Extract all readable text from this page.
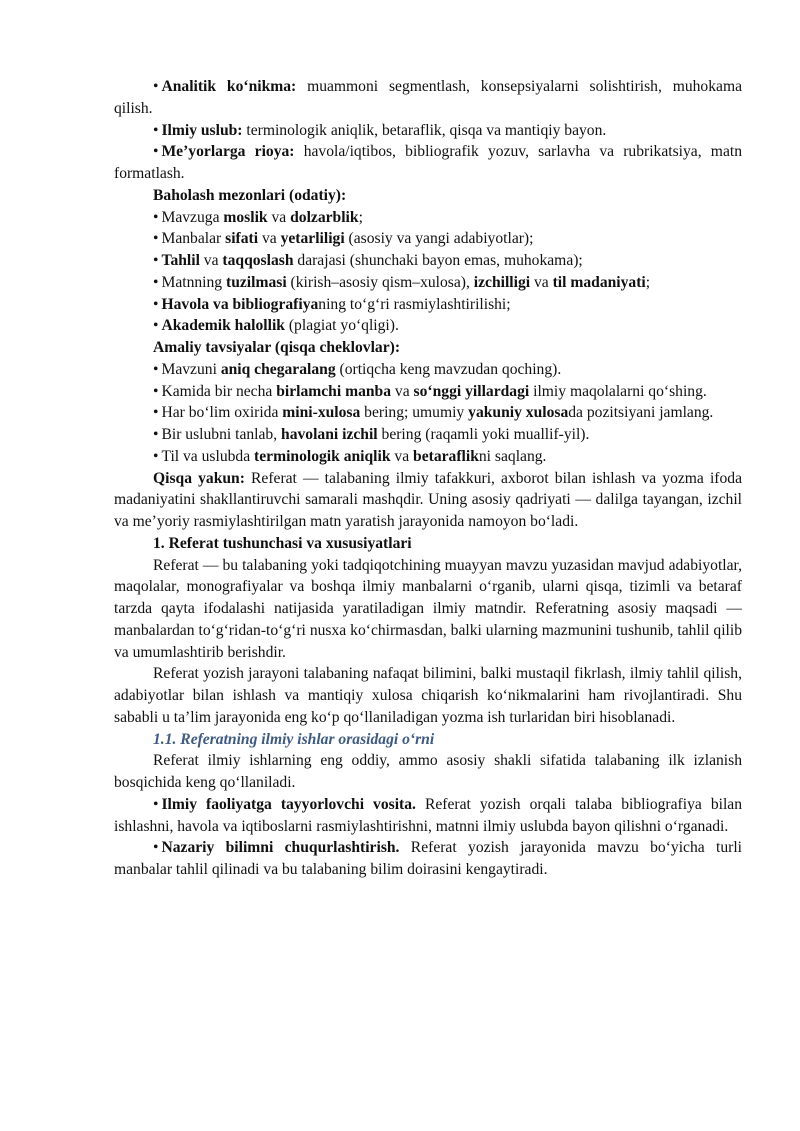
• Analitik ko‘nikma: muammoni segmentlash, konsepsiyalarni solishtirish, muhokama qilish.

• Ilmiy uslub: terminologik aniqlik, betaraflik, qisqa va mantiqiy bayon.

• Me’yorlarga rioya: havola/iqtibos, bibliografik yozuv, sarlavha va rubrikatsiya, matn formatlash.

Baholash mezonlari (odatiy):

• Mavzuga moslik va dolzarblik;

• Manbalar sifati va yetarliligi (asosiy va yangi adabiyotlar);

• Tahlil va taqqoslash darajasi (shunchaki bayon emas, muhokama);

• Matnning tuzilmasi (kirish–asosiy qism–xulosa), izchilligi va til madaniyati;

• Havola va bibliografiyaning to‘g‘ri rasmiylashtirilishi;

• Akademik halollik (plagiat yo‘qligi).

Amaliy tavsiyalar (qisqa cheklovlar):

• Mavzuni aniq chegaralang (ortiqcha keng mavzudan qoching).

• Kamida bir necha birlamchi manba va so‘nggi yillardagi ilmiy maqolalarni qo‘shing.

• Har bo‘lim oxirida mini-xulosa bering; umumiy yakuniy xulosada pozitsiyani jamlang.

• Bir uslubni tanlab, havolani izchil bering (raqamli yoki muallif-yil).

• Til va uslubda terminologik aniqlik va betaraflikni saqlang.

Qisqa yakun: Referat — talabaning ilmiy tafakkuri, axborot bilan ishlash va yozma ifoda madaniyatini shakllantiruvchi samarali mashqdir. Uning asosiy qadriyati — dalilga tayangan, izchil va me’yoriy rasmiylashtirilgan matn yaratish jarayonida namoyon bo‘ladi.

1. Referat tushunchasi va xususiyatlari

Referat — bu talabaning yoki tadqiqotchining muayyan mavzu yuzasidan mavjud adabiyotlar, maqolalar, monografiyalar va boshqa ilmiy manbalarni o‘rganib, ularni qisqa, tizimli va betaraf tarzda qayta ifodalashi natijasida yaratiladigan ilmiy matndir. Referatning asosiy maqsadi — manbalardan to‘g‘ridan-to‘g‘ri nusxa ko‘chirmasdan, balki ularning mazmunini tushunib, tahlil qilib va umumlashtirib berishdir.

Referat yozish jarayoni talabaning nafaqat bilimini, balki mustaqil fikrlash, ilmiy tahlil qilish, adabiyotlar bilan ishlash va mantiqiy xulosa chiqarish ko‘nikmalarini ham rivojlantiradi. Shu sababli u ta’lim jarayonida eng ko‘p qo‘llaniladigan yozma ish turlaridan biri hisoblanadi.

1.1. Referatning ilmiy ishlar orasidagi o‘rni

Referat ilmiy ishlarning eng oddiy, ammo asosiy shakli sifatida talabaning ilk izlanish bosqichida keng qo‘llaniladi.

• Ilmiy faoliyatga tayyorlovchi vosita. Referat yozish orqali talaba bibliografiya bilan ishlashni, havola va iqtiboslarni rasmiylashtirishni, matnni ilmiy uslubda bayon qilishni o‘rganadi.

• Nazariy bilimni chuqurlashtirish. Referat yozish jarayonida mavzu bo‘yicha turli manbalar tahlil qilinadi va bu talabaning bilim doirasini kengaytiradi.
